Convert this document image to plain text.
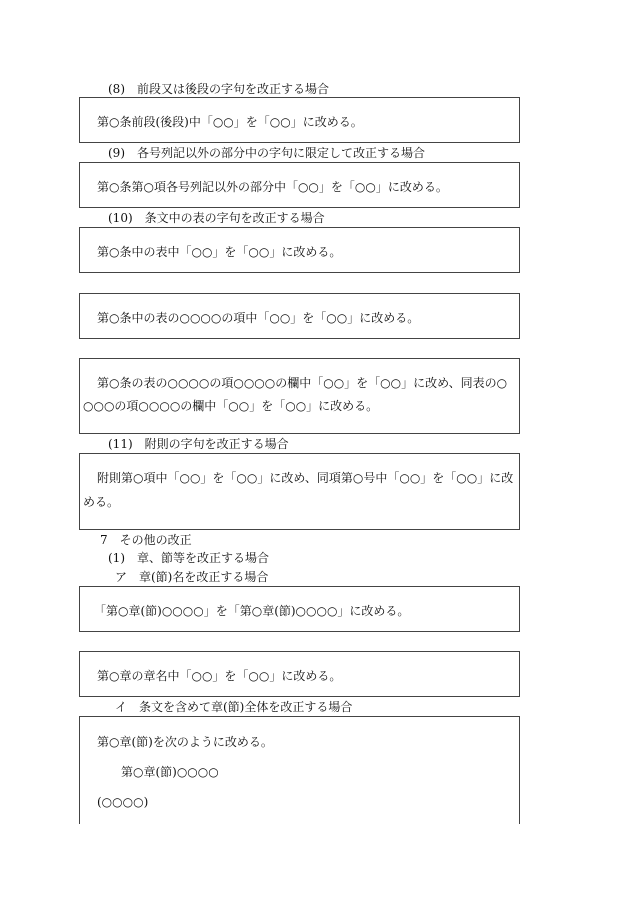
(8)　前段又は後段の字句を改正する場合
第○条前段(後段)中「○○」を「○○」に改める。
(9)　各号列記以外の部分中の字句に限定して改正する場合
第○条第○項各号列記以外の部分中「○○」を「○○」に改める。
(10)　条文中の表の字句を改正する場合
第○条中の表中「○○」を「○○」に改める。
第○条中の表の○○○○の項中「○○」を「○○」に改める。
第○条の表の○○○○の項○○○○の欄中「○○」を「○○」に改め、同表の○
○○○の項○○○○の欄中「○○」を「○○」に改める。
(11)　附則の字句を改正する場合
附則第○項中「○○」を「○○」に改め、同項第○号中「○○」を「○○」に改
める。
7　その他の改正
(1)　章、節等を改正する場合
ア　章(節)名を改正する場合
「第○章(節)○○○○」を「第○章(節)○○○○」に改める。
第○章の章名中「○○」を「○○」に改める。
イ　条文を含めて章(節)全体を改正する場合
第○章(節)を次のように改める。
第○章(節)○○○○
(○○○○)
